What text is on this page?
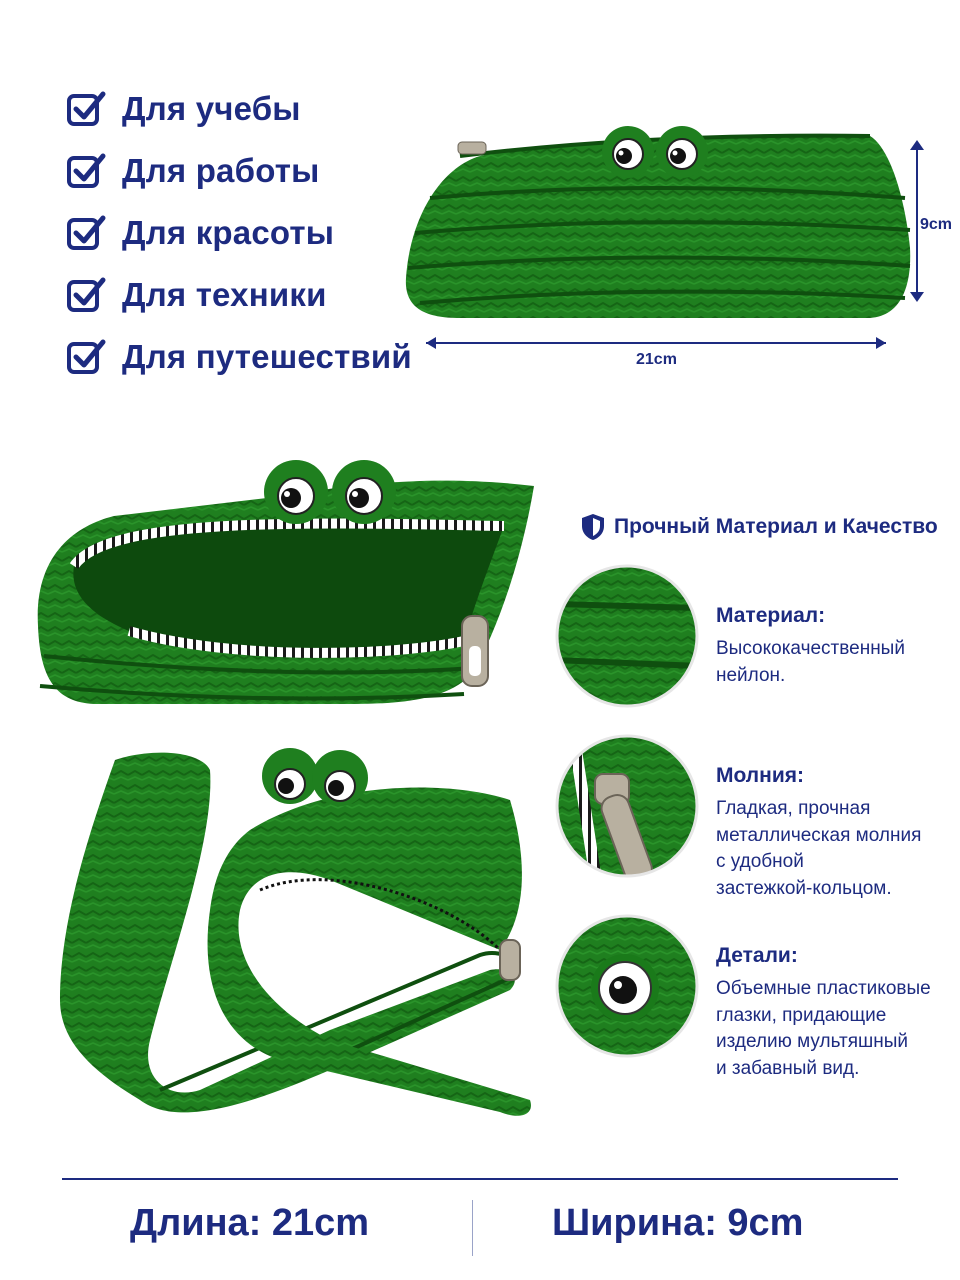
Для учебы
Для работы
Для красоты
Для техники
Для путешествий
9cm
21cm
Прочный Материал и Качество
Материал:
Высококачественный
нейлон.
Молния:
Гладкая, прочная
металлическая молния
с удобной
застежкой-кольцом.
Детали:
Объемные пластиковые
глазки, придающие
изделию мультяшный
и забавный вид.
Длина: 21cm	Ширина: 9cm
